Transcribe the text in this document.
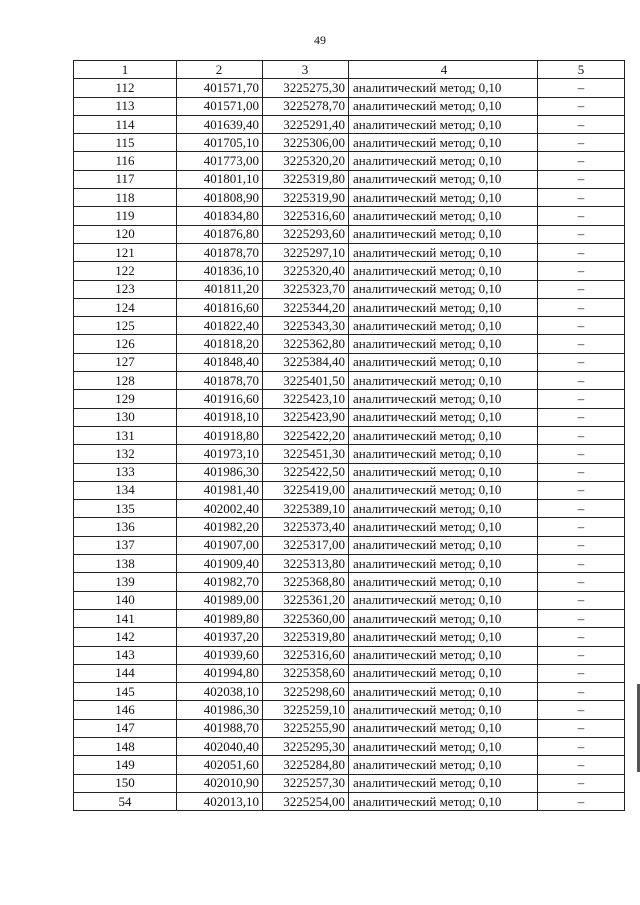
49
1	2	3	4	5
112	401571,70	3225275,30	аналитический метод; 0,10	–
113	401571,00	3225278,70	аналитический метод; 0,10	–
114	401639,40	3225291,40	аналитический метод; 0,10	–
115	401705,10	3225306,00	аналитический метод; 0,10	–
116	401773,00	3225320,20	аналитический метод; 0,10	–
117	401801,10	3225319,80	аналитический метод; 0,10	–
118	401808,90	3225319,90	аналитический метод; 0,10	–
119	401834,80	3225316,60	аналитический метод; 0,10	–
120	401876,80	3225293,60	аналитический метод; 0,10	–
121	401878,70	3225297,10	аналитический метод; 0,10	–
122	401836,10	3225320,40	аналитический метод; 0,10	–
123	401811,20	3225323,70	аналитический метод; 0,10	–
124	401816,60	3225344,20	аналитический метод; 0,10	–
125	401822,40	3225343,30	аналитический метод; 0,10	–
126	401818,20	3225362,80	аналитический метод; 0,10	–
127	401848,40	3225384,40	аналитический метод; 0,10	–
128	401878,70	3225401,50	аналитический метод; 0,10	–
129	401916,60	3225423,10	аналитический метод; 0,10	–
130	401918,10	3225423,90	аналитический метод; 0,10	–
131	401918,80	3225422,20	аналитический метод; 0,10	–
132	401973,10	3225451,30	аналитический метод; 0,10	–
133	401986,30	3225422,50	аналитический метод; 0,10	–
134	401981,40	3225419,00	аналитический метод; 0,10	–
135	402002,40	3225389,10	аналитический метод; 0,10	–
136	401982,20	3225373,40	аналитический метод; 0,10	–
137	401907,00	3225317,00	аналитический метод; 0,10	–
138	401909,40	3225313,80	аналитический метод; 0,10	–
139	401982,70	3225368,80	аналитический метод; 0,10	–
140	401989,00	3225361,20	аналитический метод; 0,10	–
141	401989,80	3225360,00	аналитический метод; 0,10	–
142	401937,20	3225319,80	аналитический метод; 0,10	–
143	401939,60	3225316,60	аналитический метод; 0,10	–
144	401994,80	3225358,60	аналитический метод; 0,10	–
145	402038,10	3225298,60	аналитический метод; 0,10	–
146	401986,30	3225259,10	аналитический метод; 0,10	–
147	401988,70	3225255,90	аналитический метод; 0,10	–
148	402040,40	3225295,30	аналитический метод; 0,10	–
149	402051,60	3225284,80	аналитический метод; 0,10	–
150	402010,90	3225257,30	аналитический метод; 0,10	–
54	402013,10	3225254,00	аналитический метод; 0,10	–
